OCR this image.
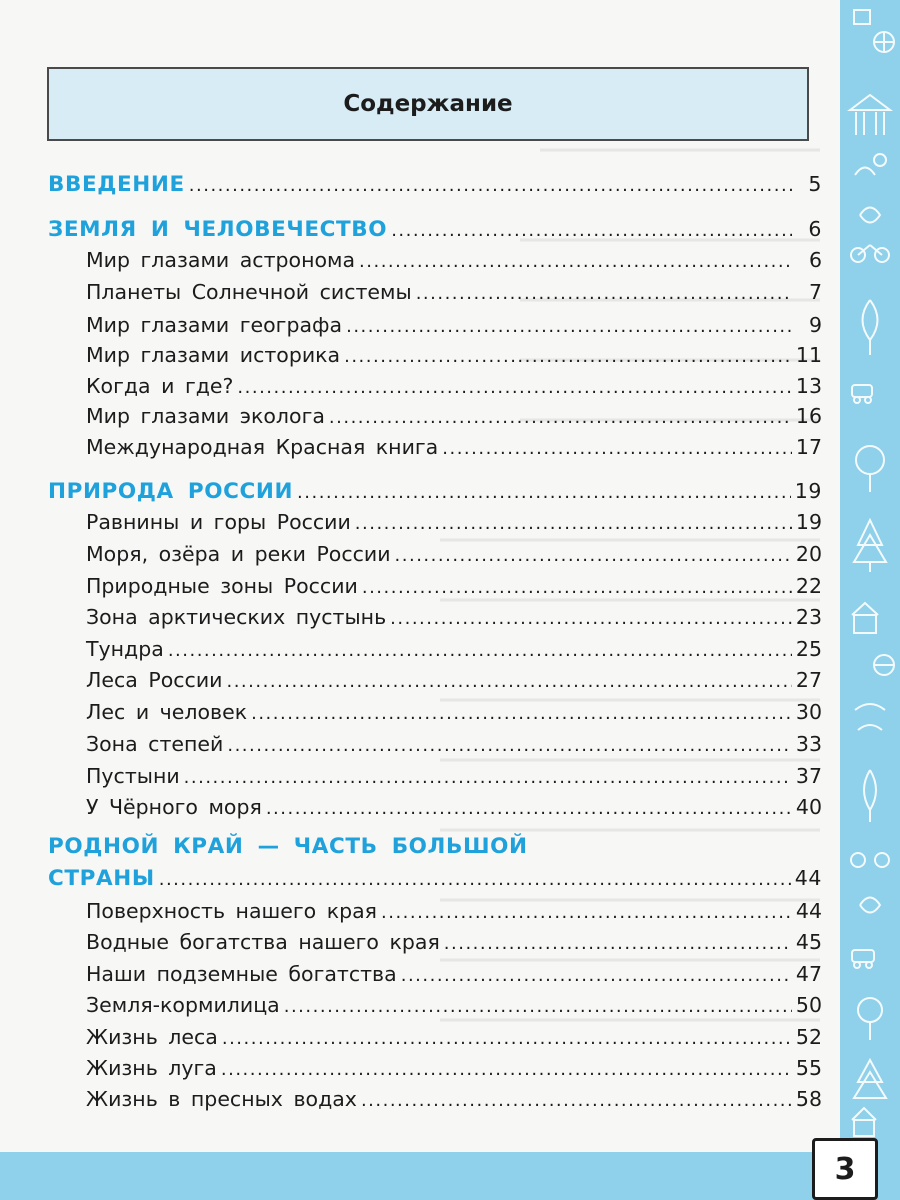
3
Содержание
ВВЕДЕНИЕ .....	5
ЗЕМЛЯ И ЧЕЛОВЕЧЕСТВО .....	6
Мир глазами астронома .....	6
Планеты Солнечной системы .....	7
Мир глазами географа .....	9
Мир глазами историка .....	11
Когда и где? .....	13
Мир глазами эколога .....	16
Международная Красная книга .....	17
ПРИРОДА РОССИИ .....	19
Равнины и горы России .....	19
Моря, озёра и реки России .....	20
Природные зоны России .....	22
Зона арктических пустынь .....	23
Тундра .....	25
Леса России .....	27
Лес и человек .....	30
Зона степей .....	33
Пустыни .....	37
У Чёрного моря .....	40
РОДНОЙ КРАЙ — ЧАСТЬ БОЛЬШОЙ
СТРАНЫ .....	44
Поверхность нашего края .....	44
Водные богатства нашего края .....	45
Наши подземные богатства .....	47
Земля-кормилица .....	50
Жизнь леса .....	52
Жизнь луга .....	55
Жизнь в пресных водах .....	58
